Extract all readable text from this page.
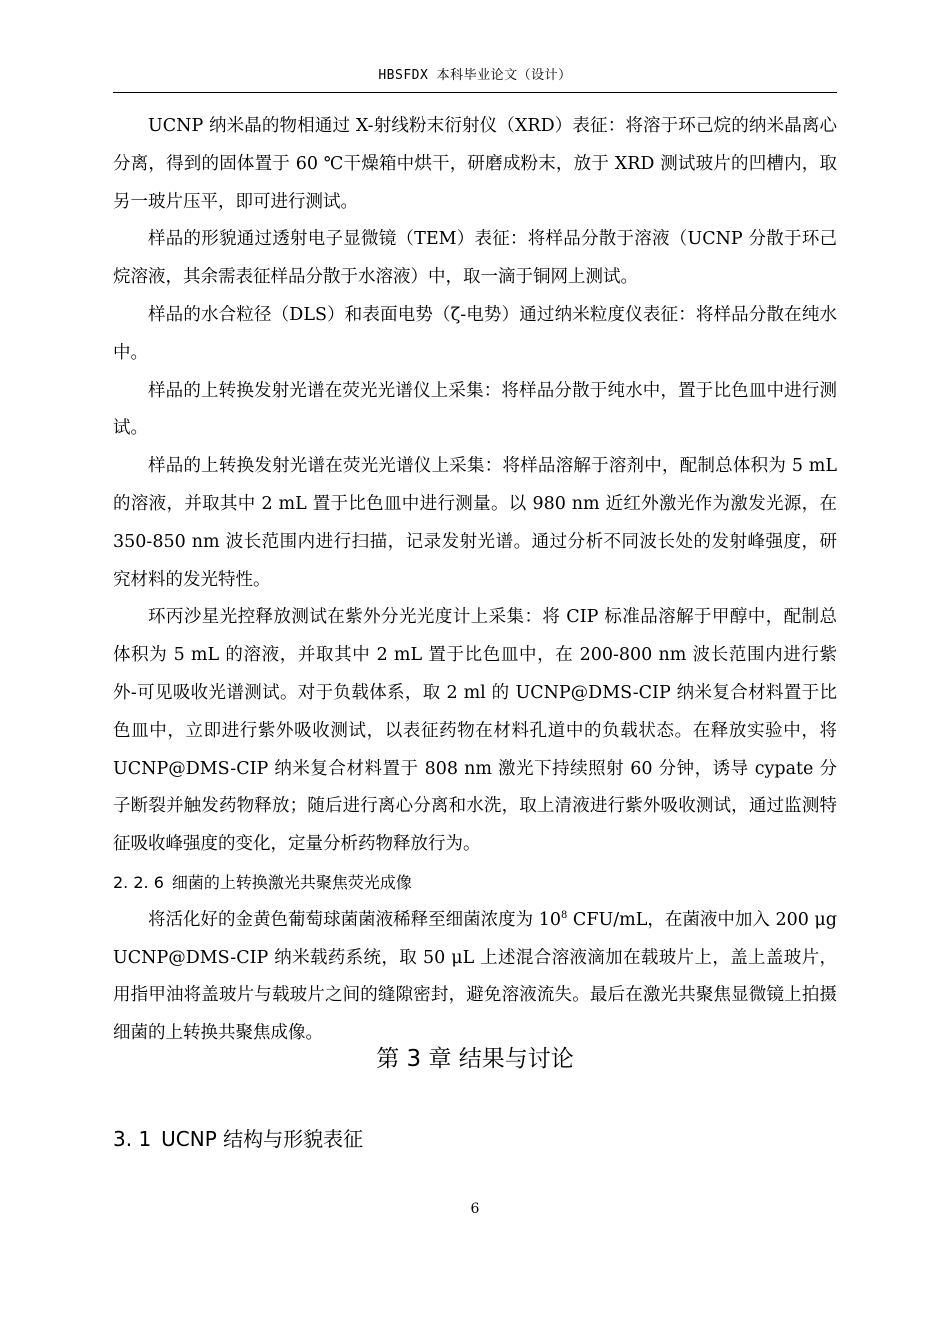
HBSFDX 本科毕业论文（设计）

UCNP 纳米晶的物相通过 X-射线粉末衍射仪（XRD）表征：将溶于环己烷的纳米晶离心分离，得到的固体置于 60 ℃干燥箱中烘干，研磨成粉末，放于 XRD 测试玻片的凹槽内，取另一玻片压平，即可进行测试。

样品的形貌通过透射电子显微镜（TEM）表征：将样品分散于溶液（UCNP 分散于环己烷溶液，其余需表征样品分散于水溶液）中，取一滴于铜网上测试。

样品的水合粒径（DLS）和表面电势（ζ-电势）通过纳米粒度仪表征：将样品分散在纯水中。

样品的上转换发射光谱在荧光光谱仪上采集：将样品分散于纯水中，置于比色皿中进行测试。

样品的上转换发射光谱在荧光光谱仪上采集：将样品溶解于溶剂中，配制总体积为 5 mL 的溶液，并取其中 2 mL 置于比色皿中进行测量。以 980 nm 近红外激光作为激发光源，在 350-850 nm 波长范围内进行扫描，记录发射光谱。通过分析不同波长处的发射峰强度，研究材料的发光特性。

环丙沙星光控释放测试在紫外分光光度计上采集：将 CIP 标准品溶解于甲醇中，配制总体积为 5 mL 的溶液，并取其中 2 mL 置于比色皿中，在 200-800 nm 波长范围内进行紫外-可见吸收光谱测试。对于负载体系，取 2 ml 的 UCNP@DMS-CIP 纳米复合材料置于比色皿中，立即进行紫外吸收测试，以表征药物在材料孔道中的负载状态。在释放实验中，将 UCNP@DMS-CIP 纳米复合材料置于 808 nm 激光下持续照射 60 分钟，诱导 cypate 分子断裂并触发药物释放；随后进行离心分离和水洗，取上清液进行紫外吸收测试，通过监测特征吸收峰强度的变化，定量分析药物释放行为。

2. 2. 6 细菌的上转换激光共聚焦荧光成像

将活化好的金黄色葡萄球菌菌液稀释至细菌浓度为 $10^8$ CFU/mL，在菌液中加入 200 μg UCNP@DMS-CIP 纳米载药系统，取 50 μL 上述混合溶液滴加在载玻片上，盖上盖玻片，用指甲油将盖玻片与载玻片之间的缝隙密封，避免溶液流失。最后在激光共聚焦显微镜上拍摄细菌的上转换共聚焦成像。

第 3 章 结果与讨论
3. 1 UCNP 结构与形貌表征
6
